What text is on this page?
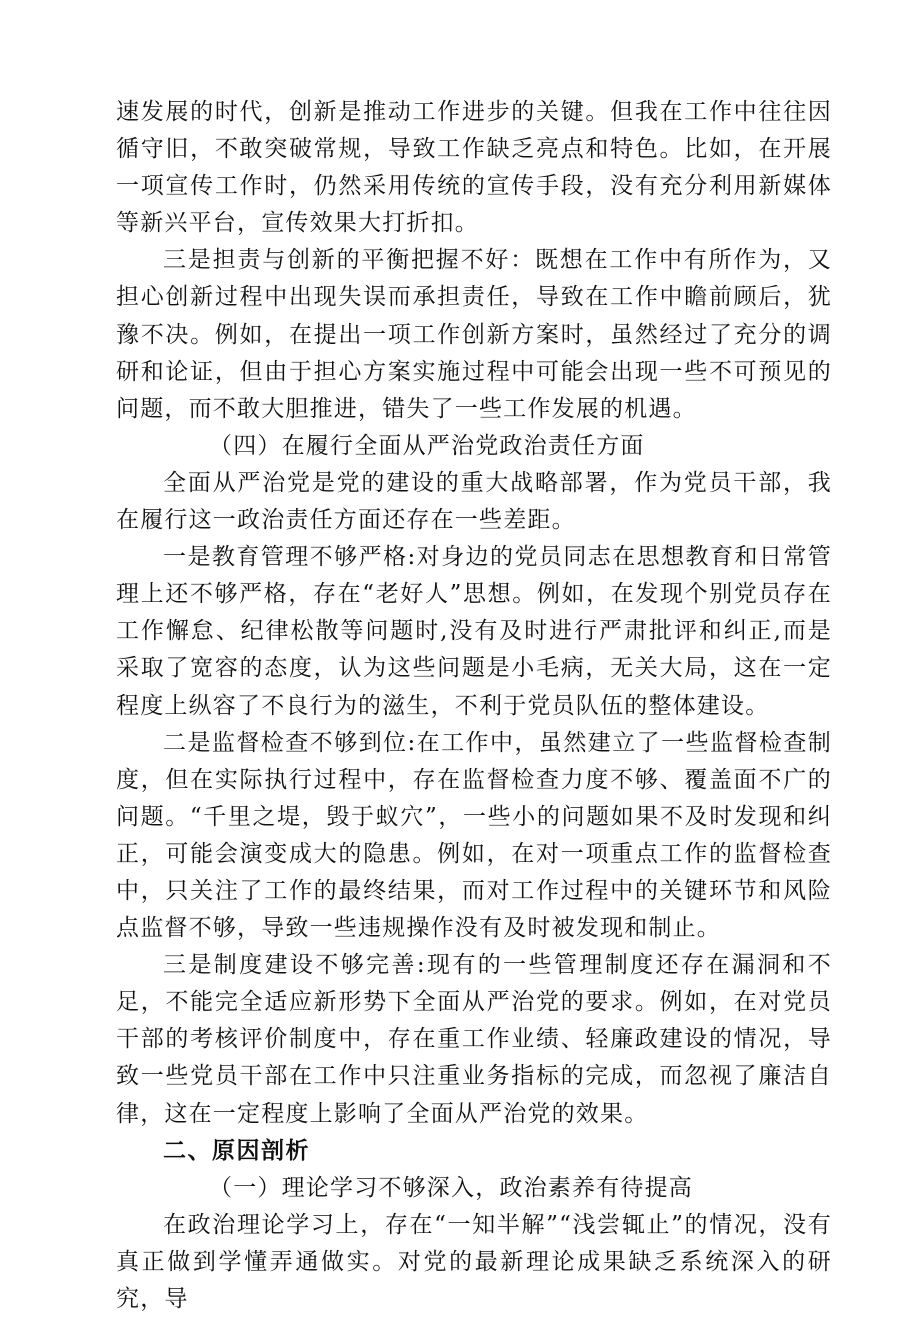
速发展的时代，创新是推动工作进步的关键。但我在工作中往往因循守旧，不敢突破常规，导致工作缺乏亮点和特色。比如，在开展一项宣传工作时，仍然采用传统的宣传手段，没有充分利用新媒体等新兴平台，宣传效果大打折扣。

三是担责与创新的平衡把握不好：既想在工作中有所作为，又担心创新过程中出现失误而承担责任，导致在工作中瞻前顾后，犹豫不决。例如，在提出一项工作创新方案时，虽然经过了充分的调研和论证，但由于担心方案实施过程中可能会出现一些不可预见的问题，而不敢大胆推进，错失了一些工作发展的机遇。

（四）在履行全面从严治党政治责任方面

全面从严治党是党的建设的重大战略部署，作为党员干部，我在履行这一政治责任方面还存在一些差距。

一是教育管理不够严格:对身边的党员同志在思想教育和日常管理上还不够严格，存在“老好人”思想。例如，在发现个别党员存在工作懈怠、纪律松散等问题时,没有及时进行严肃批评和纠正,而是采取了宽容的态度，认为这些问题是小毛病，无关大局，这在一定程度上纵容了不良行为的滋生，不利于党员队伍的整体建设。

二是监督检查不够到位:在工作中，虽然建立了一些监督检查制度，但在实际执行过程中，存在监督检查力度不够、覆盖面不广的问题。“千里之堤，毁于蚁穴”，一些小的问题如果不及时发现和纠正，可能会演变成大的隐患。例如，在对一项重点工作的监督检查中，只关注了工作的最终结果，而对工作过程中的关键环节和风险点监督不够，导致一些违规操作没有及时被发现和制止。

三是制度建设不够完善:现有的一些管理制度还存在漏洞和不足，不能完全适应新形势下全面从严治党的要求。例如，在对党员干部的考核评价制度中，存在重工作业绩、轻廉政建设的情况，导致一些党员干部在工作中只注重业务指标的完成，而忽视了廉洁自律，这在一定程度上影响了全面从严治党的效果。

二、原因剖析

（一）理论学习不够深入，政治素养有待提高

在政治理论学习上，存在“一知半解”“浅尝辄止”的情况，没有真正做到学懂弄通做实。对党的最新理论成果缺乏系统深入的研究，导
